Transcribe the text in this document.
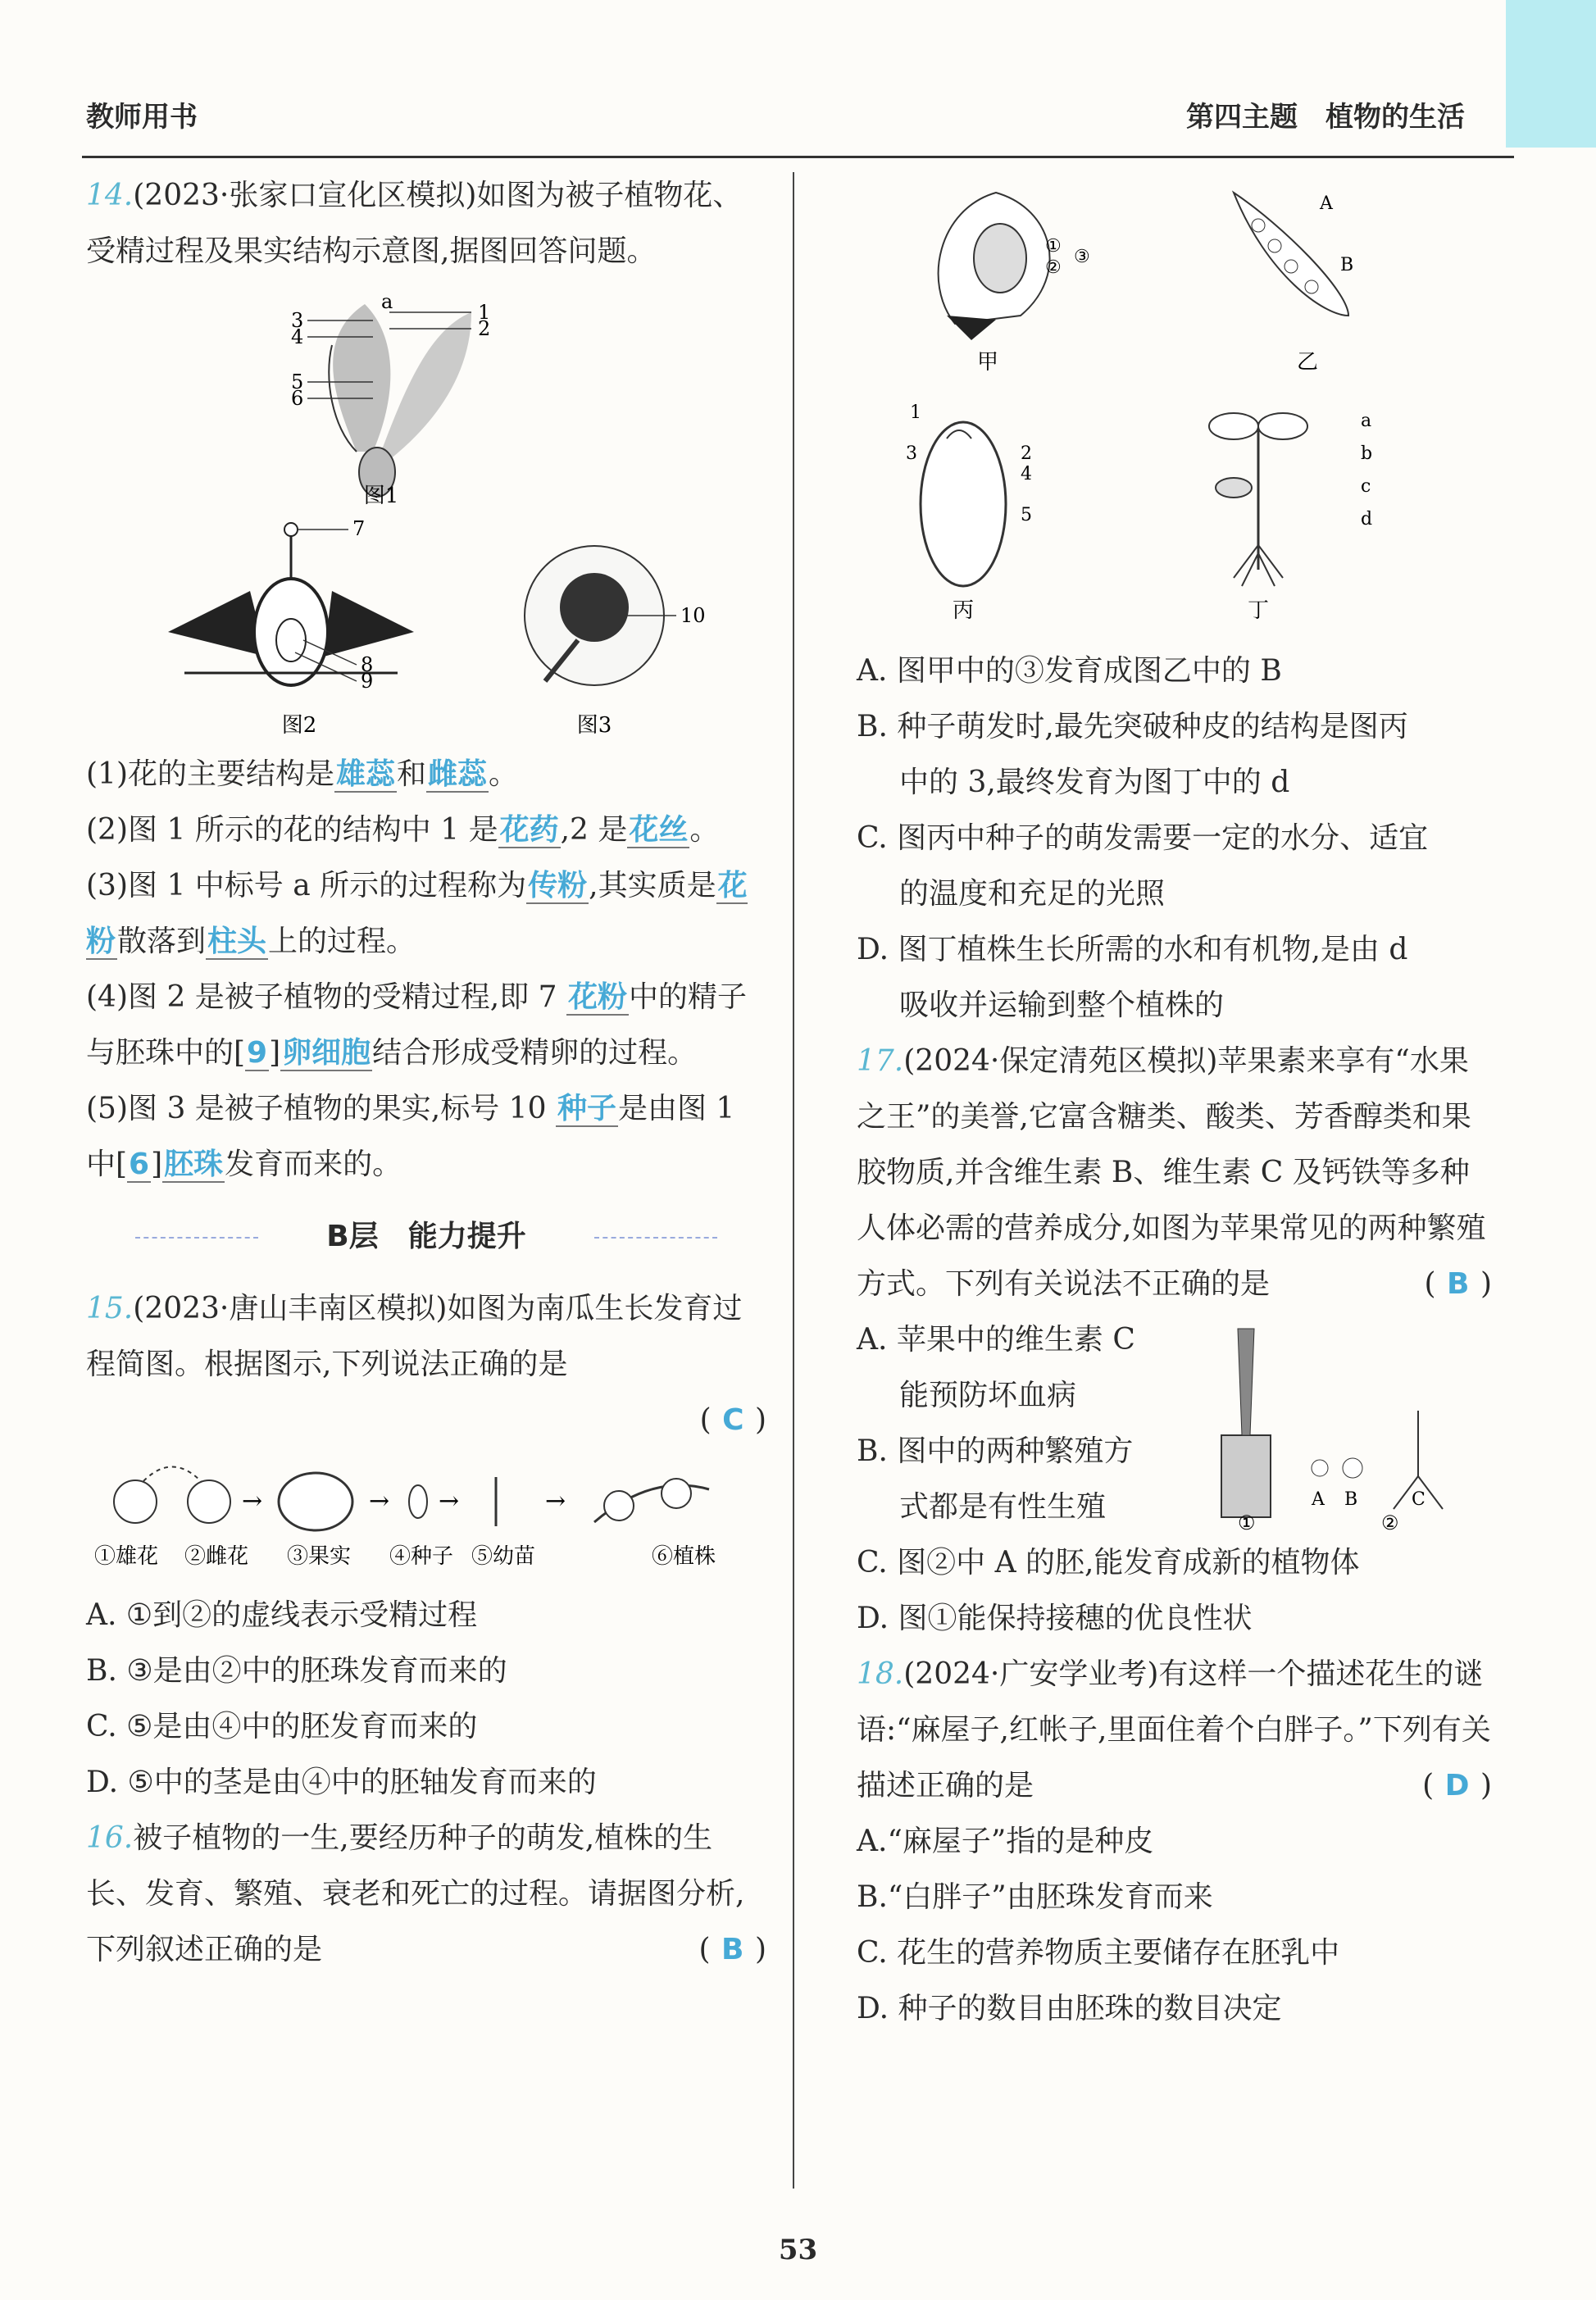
教师用书	第四主题　植物的生活

14.(2023·张家口宣化区模拟)如图为被子植物花、受精过程及果实结构示意图,据图回答问题。

3
4
5
6
a	1
2
图1
7
8
9
图2
10
图3

(1)花的主要结构是雄蕊和雌蕊。

(2)图 1 所示的花的结构中 1 是花药,2 是花丝。

(3)图 1 中标号 a 所示的过程称为传粉,其实质是花粉散落到柱头上的过程。

(4)图 2 是被子植物的受精过程,即 7 花粉中的精子与胚珠中的[9]卵细胞结合形成受精卵的过程。

(5)图 3 是被子植物的果实,标号 10 种子是由图 1 中[6]胚珠发育而来的。

B层　能力提升

15.(2023·唐山丰南区模拟)如图为南瓜生长发育过程简图。根据图示,下列说法正确的是

( C )

→	→ →	→
①雄花 ②雌花 ③果实 ④种子 ⑤幼苗	⑥植株

A. ①到②的虚线表示受精过程

B. ③是由②中的胚珠发育而来的

C. ⑤是由④中的胚发育而来的

D. ⑤中的茎是由④中的胚轴发育而来的

16.被子植物的一生,要经历种子的萌发,植株的生长、发育、繁殖、衰老和死亡的过程。请据图分析,下列叙述正确的是	( B )

①
②
③
甲
A
B
乙
1
2
3
4
5
丙
a
b
c
d
丁

A. 图甲中的③发育成图乙中的 B

B. 种子萌发时,最先突破种皮的结构是图丙

中的 3,最终发育为图丁中的 d

C. 图丙中种子的萌发需要一定的水分、适宜

的温度和充足的光照

D. 图丁植株生长所需的水和有机物,是由 d

吸收并运输到整个植株的

17.(2024·保定清苑区模拟)苹果素来享有“水果之王”的美誉,它富含糖类、酸类、芳香醇类和果胶物质,并含维生素 B、维生素 C 及钙铁等多种人体必需的营养成分,如图为苹果常见的两种繁殖方式。下列有关说法不正确的是	( B )

A B	C
①	②

A. 苹果中的维生素 C

能预防坏血病

B. 图中的两种繁殖方

式都是有性生殖

C. 图②中 A 的胚,能发育成新的植物体

D. 图①能保持接穗的优良性状

18.(2024·广安学业考)有这样一个描述花生的谜语:“麻屋子,红帐子,里面住着个白胖子。”下列有关描述正确的是	( D )

A.“麻屋子”指的是种皮

B.“白胖子”由胚珠发育而来

C. 花生的营养物质主要储存在胚乳中

D. 种子的数目由胚珠的数目决定

53
